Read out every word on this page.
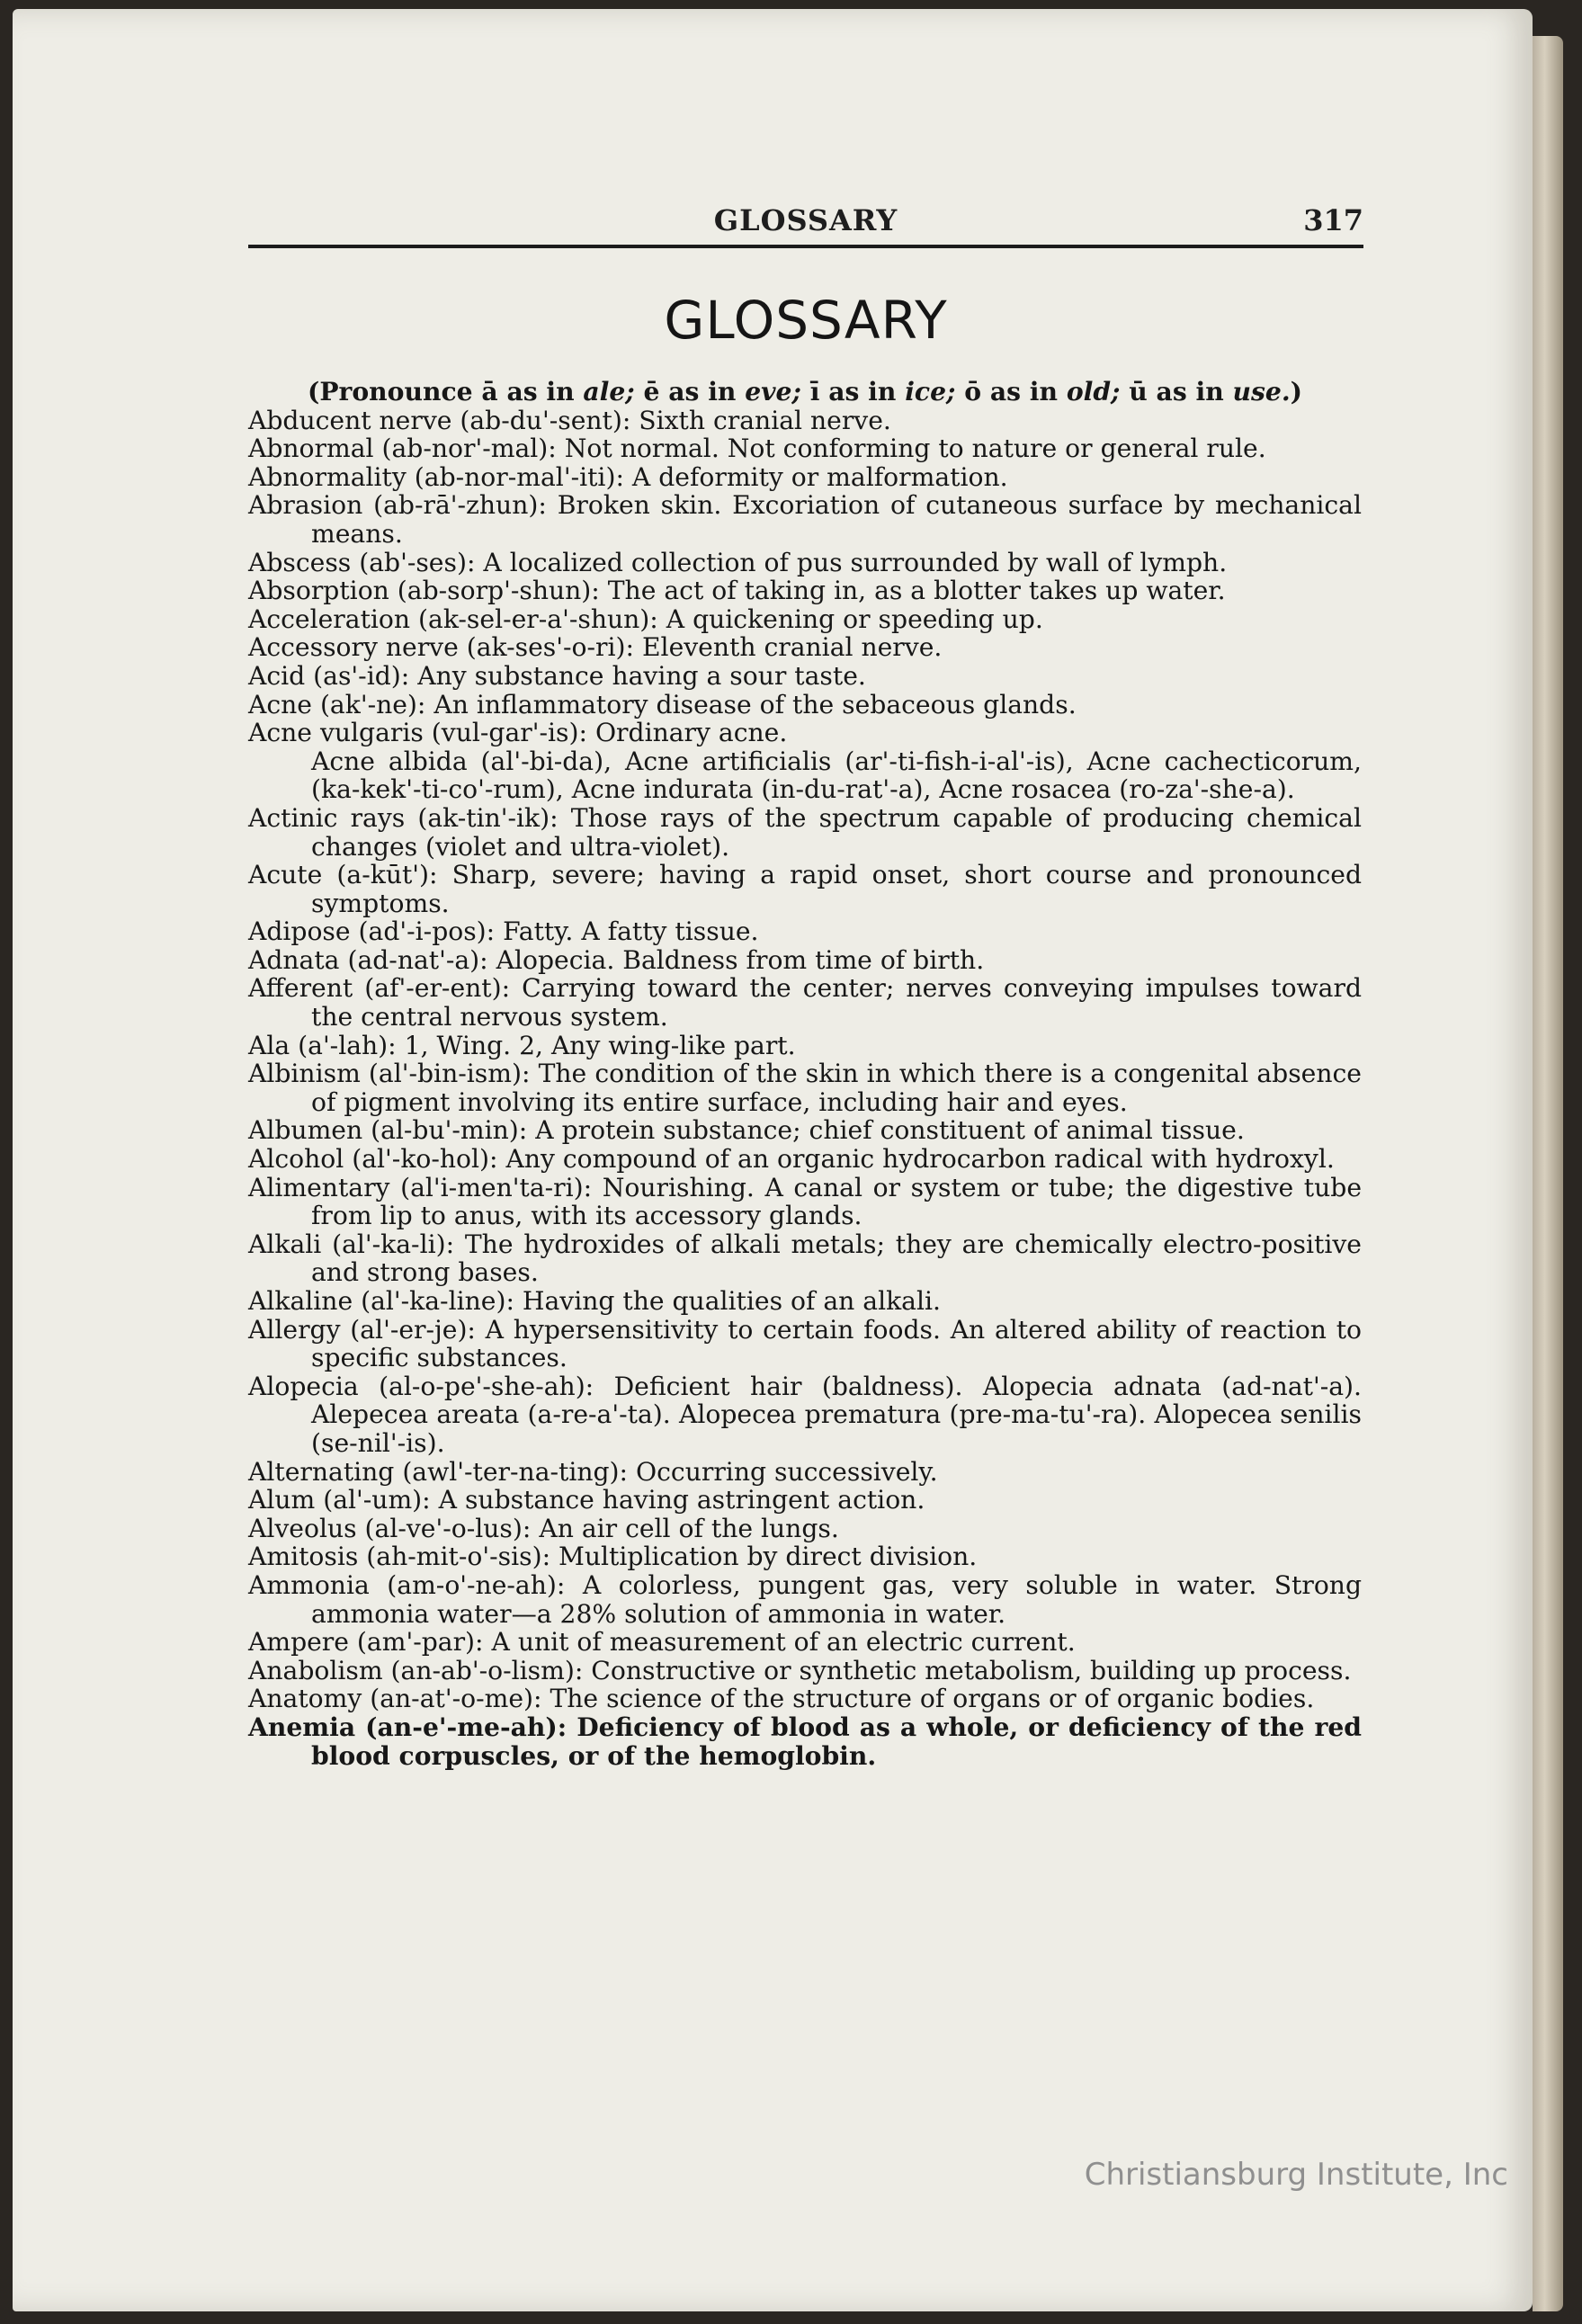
GLOSSARY	317
GLOSSARY
(Pronounce ā as in ale; ē as in eve; ī as in ice; ō as in old; ū as in use.)
Abducent nerve (ab-du'-sent): Sixth cranial nerve.
Abnormal (ab-nor'-mal): Not normal. Not conforming to nature or general rule.
Abnormality (ab-nor-mal'-iti): A deformity or malformation.
Abrasion (ab-rā'-zhun): Broken skin. Excoriation of cutaneous surface by mechanical means.
Abscess (ab'-ses): A localized collection of pus surrounded by wall of lymph.
Absorption (ab-sorp'-shun): The act of taking in, as a blotter takes up water.
Acceleration (ak-sel-er-a'-shun): A quickening or speeding up.
Accessory nerve (ak-ses'-o-ri): Eleventh cranial nerve.
Acid (as'-id): Any substance having a sour taste.
Acne (ak'-ne): An inflammatory disease of the sebaceous glands.
Acne vulgaris (vul-gar'-is): Ordinary acne.
Acne albida (al'-bi-da), Acne artificialis (ar'-ti-fish-i-al'-is), Acne cachecticorum, (ka-kek'-ti-co'-rum), Acne indurata (in-du-rat'-a), Acne rosacea (ro-za'-she-a).
Actinic rays (ak-tin'-ik): Those rays of the spectrum capable of producing chemical changes (violet and ultra-violet).
Acute (a-kūt'): Sharp, severe; having a rapid onset, short course and pronounced symptoms.
Adipose (ad'-i-pos): Fatty. A fatty tissue.
Adnata (ad-nat'-a): Alopecia. Baldness from time of birth.
Afferent (af'-er-ent): Carrying toward the center; nerves conveying impulses toward the central nervous system.
Ala (a'-lah): 1, Wing. 2, Any wing-like part.
Albinism (al'-bin-ism): The condition of the skin in which there is a congenital absence of pigment involving its entire surface, including hair and eyes.
Albumen (al-bu'-min): A protein substance; chief constituent of animal tissue.
Alcohol (al'-ko-hol): Any compound of an organic hydrocarbon radical with hydroxyl.
Alimentary (al'i-men'ta-ri): Nourishing. A canal or system or tube; the digestive tube from lip to anus, with its accessory glands.
Alkali (al'-ka-li): The hydroxides of alkali metals; they are chemically electro-positive and strong bases.
Alkaline (al'-ka-line): Having the qualities of an alkali.
Allergy (al'-er-je): A hypersensitivity to certain foods. An altered ability of reaction to specific substances.
Alopecia (al-o-pe'-she-ah): Deficient hair (baldness). Alopecia adnata (ad-nat'-a). Alepecea areata (a-re-a'-ta). Alopecea prematura (pre-ma-tu'-ra). Alopecea senilis (se-nil'-is).
Alternating (awl'-ter-na-ting): Occurring successively.
Alum (al'-um): A substance having astringent action.
Alveolus (al-ve'-o-lus): An air cell of the lungs.
Amitosis (ah-mit-o'-sis): Multiplication by direct division.
Ammonia (am-o'-ne-ah): A colorless, pungent gas, very soluble in water. Strong ammonia water—a 28% solution of ammonia in water.
Ampere (am'-par): A unit of measurement of an electric current.
Anabolism (an-ab'-o-lism): Constructive or synthetic metabolism, building up process.
Anatomy (an-at'-o-me): The science of the structure of organs or of organic bodies.
Anemia (an-e'-me-ah): Deficiency of blood as a whole, or deficiency of the red blood corpuscles, or of the hemoglobin.
Christiansburg Institute, Inc
